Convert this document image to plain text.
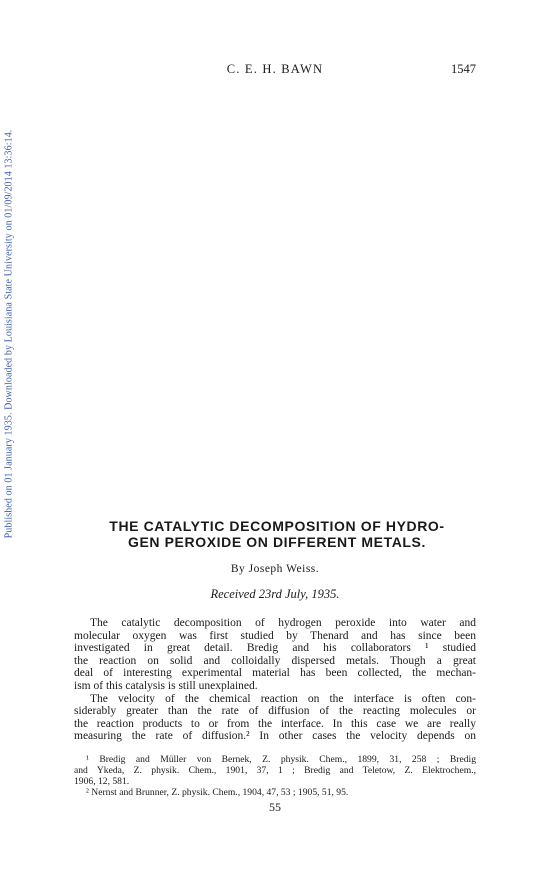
Published on 01 January 1935. Downloaded by Louisiana State University on 01/09/2014 13:36:14.
C. E. H. BAWN	1547
THE CATALYTIC DECOMPOSITION OF HYDRO-
GEN PEROXIDE ON DIFFERENT METALS.
By Joseph Weiss.
Received 23rd July, 1935.
The catalytic decomposition of hydrogen peroxide into water and
molecular oxygen was first studied by Thenard and has since been
investigated in great detail. Bredig and his collaborators ¹ studied
the reaction on solid and colloidally dispersed metals. Though a great
deal of interesting experimental material has been collected, the mechan-
ism of this catalysis is still unexplained.
The velocity of the chemical reaction on the interface is often con-
siderably greater than the rate of diffusion of the reacting molecules or
the reaction products to or from the interface. In this case we are really
measuring the rate of diffusion.² In other cases the velocity depends on
¹ Bredig and Müller von Bernek, Z. physik. Chem., 1899, 31, 258 ; Bredig
and Ykeda, Z. physik. Chem., 1901, 37, 1 ; Bredig and Teletow, Z. Elektrochem.,
1906, 12, 581.
² Nernst and Brunner, Z. physik. Chem., 1904, 47, 53 ; 1905, 51, 95.
55
